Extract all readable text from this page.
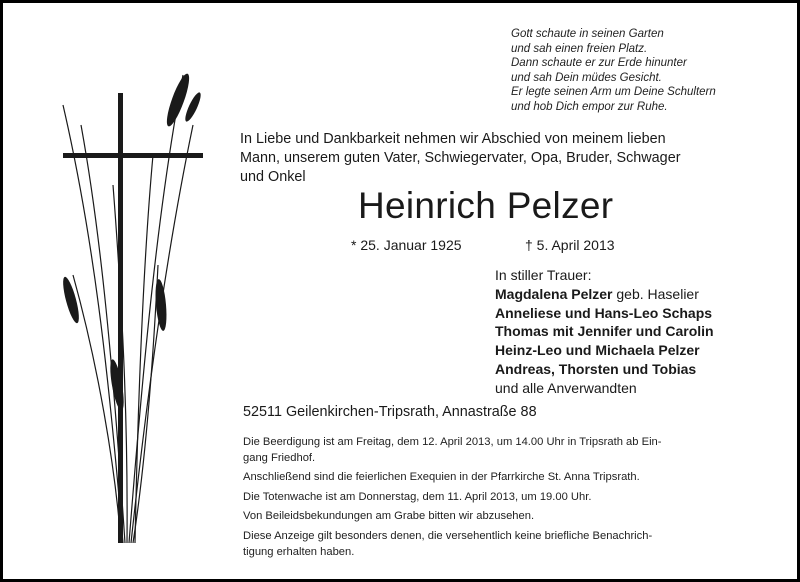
Gott schaute in seinen Garten
und sah einen freien Platz.
Dann schaute er zur Erde hinunter
und sah Dein müdes Gesicht.
Er legte seinen Arm um Deine Schultern
und hob Dich empor zur Ruhe.
In Liebe und Dankbarkeit nehmen wir Abschied von meinem lieben
Mann, unserem guten Vater, Schwiegervater, Opa, Bruder, Schwager
und Onkel
Heinrich Pelzer
* 25. Januar 1925	† 5. April 2013
In stiller Trauer:
Magdalena Pelzer geb. Haselier
Anneliese und Hans-Leo Schaps
Thomas mit Jennifer und Carolin
Heinz-Leo und Michaela Pelzer
Andreas, Thorsten und Tobias
und alle Anverwandten
52511 Geilenkirchen-Tripsrath, Annastraße 88

Die Beerdigung ist am Freitag, dem 12. April 2013, um 14.00 Uhr in Tripsrath ab Ein-
gang Friedhof.

Anschließend sind die feierlichen Exequien in der Pfarrkirche St. Anna Tripsrath.

Die Totenwache ist am Donnerstag, dem 11. April 2013, um 19.00 Uhr.

Von Beileidsbekundungen am Grabe bitten wir abzusehen.

Diese Anzeige gilt besonders denen, die versehentlich keine briefliche Benachrich-
tigung erhalten haben.
